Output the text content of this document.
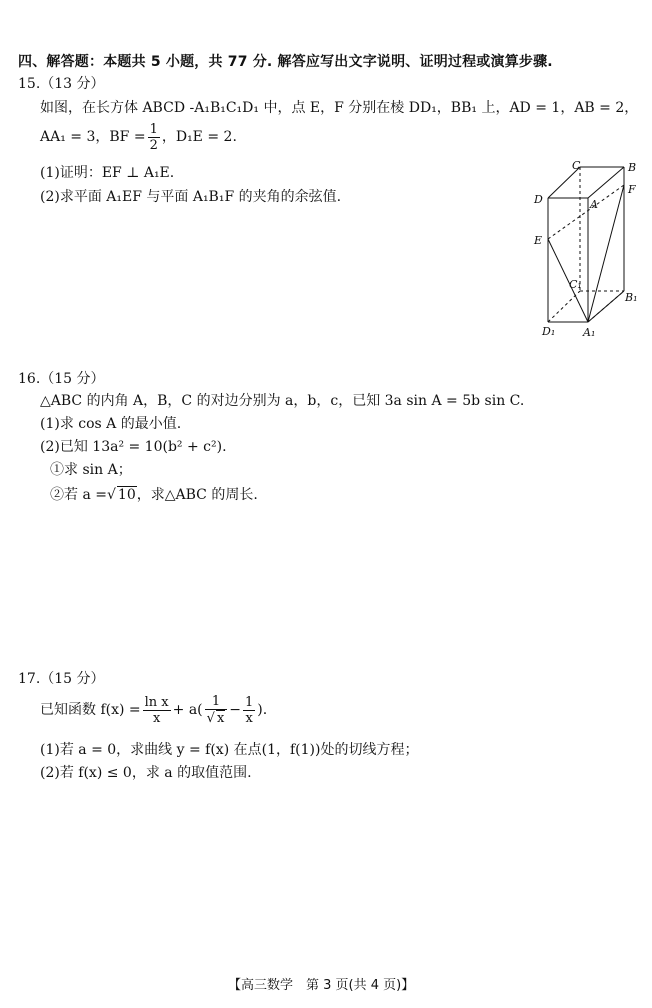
四、解答题：本题共 5 小题，共 77 分. 解答应写出文字说明、证明过程或演算步骤.
15.（13 分）
如图，在长方体 ABCD -A₁B₁C₁D₁ 中，点 E，F 分别在棱 DD₁，BB₁ 上，AD = 1，AB = 2，
AA₁ = 3，BF = $\frac{1}{2}$ ，D₁E = 2.
(1)证明：EF ⊥ A₁E.
(2)求平面 A₁EF 与平面 A₁B₁F 的夹角的余弦值.
C	B
D	A
F
E
C₁
B₁
D₁	A₁
16.（15 分）
△ABC 的内角 A，B，C 的对边分别为 a，b，c，已知 3a sin A = 5b sin C.
(1)求 cos A 的最小值.
(2)已知 13a² = 10(b² + c²).
①求 sin A；
②若 a =√ 10，求△ABC 的周长.
17.（15 分）
已知函数 $f(x) = \frac{\text{ln x}}{x} + a( \frac{1}{√ x} - \frac{1}{x}$ ).
(1)若 a = 0，求曲线 y = f(x) 在点(1，f(1))处的切线方程；
(2)若 f(x) ≤ 0，求 a 的取值范围.
【高三数学　第 3 页(共 4 页)】
